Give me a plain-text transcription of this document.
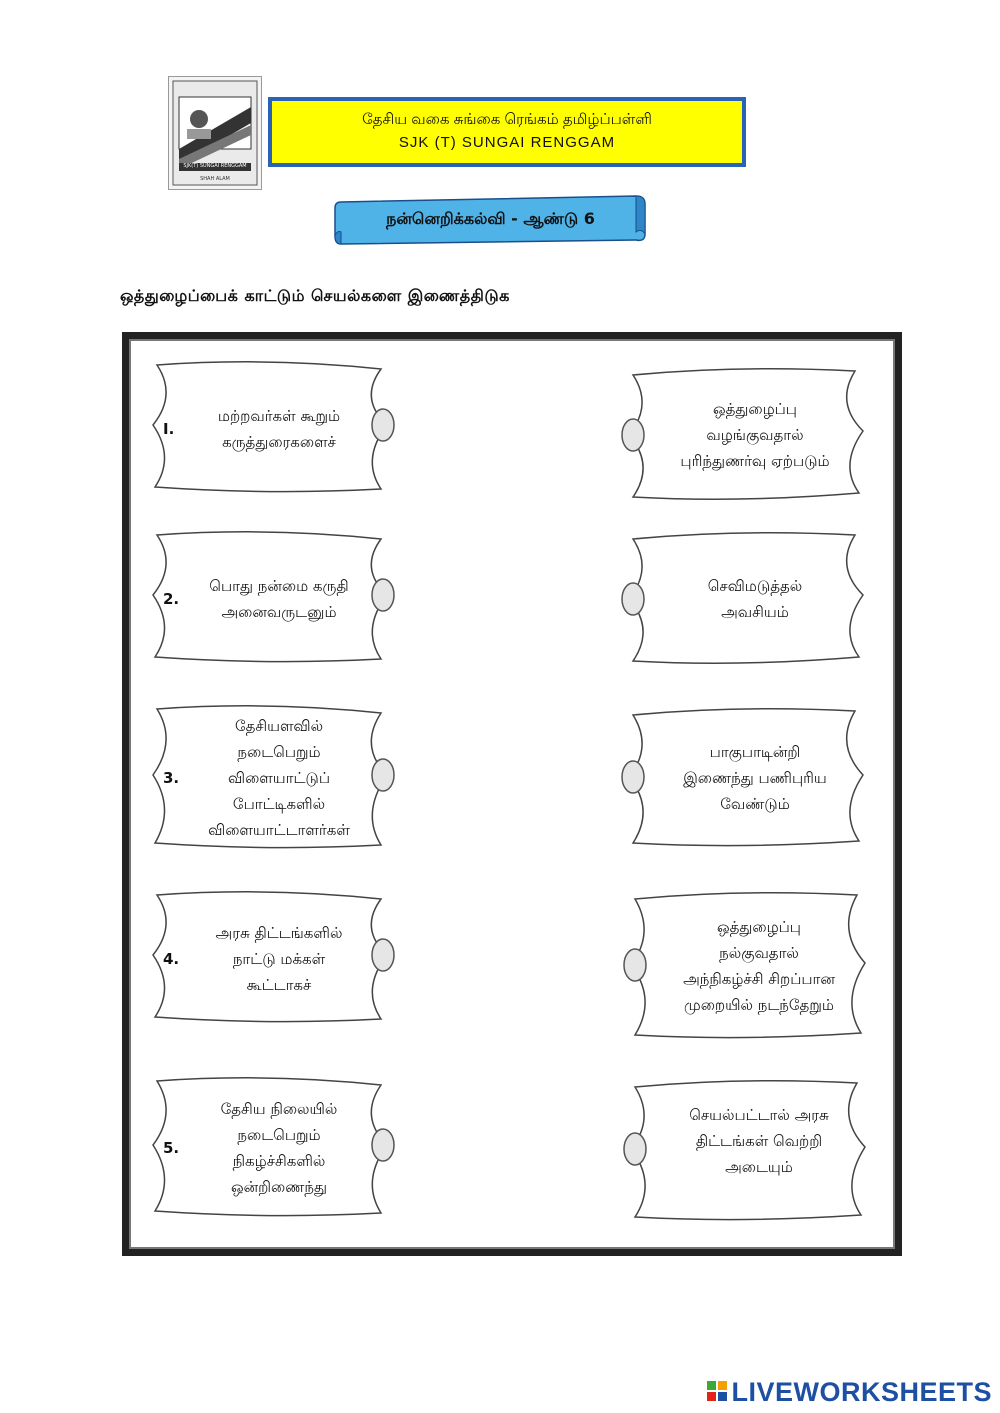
SJK(T) SUNGAI RENGGAM
SHAH ALAM
தேசிய வகை சுங்கை ரெங்கம் தமிழ்ப்பள்ளி
SJK (T) SUNGAI RENGGAM
நன்னெறிக்கல்வி - ஆண்டு 6
ஒத்துழைப்பைக் காட்டும் செயல்களை இணைத்திடுக
I.
மற்றவர்கள் கூறும்
கருத்துரைகளைச்
2.
பொது நன்மை கருதி
அனைவருடனும்
3.
தேசியளவில்
நடைபெறும்
விளையாட்டுப்
போட்டிகளில்
விளையாட்டாளர்கள்
4.
அரசு திட்டங்களில்
நாட்டு மக்கள்
கூட்டாகச்
5.
தேசிய நிலையில்
நடைபெறும்
நிகழ்ச்சிகளில்
ஒன்றிணைந்து
ஒத்துழைப்பு
வழங்குவதால்
புரிந்துணர்வு ஏற்படும்
செவிமடுத்தல்
அவசியம்
பாகுபாடின்றி
இணைந்து பணிபுரிய
வேண்டும்
ஒத்துழைப்பு
நல்குவதால்
அந்நிகழ்ச்சி சிறப்பான
முறையில் நடந்தேறும்
செயல்பட்டால் அரசு
திட்டங்கள் வெற்றி
அடையும்
LIVEWORKSHEETS
